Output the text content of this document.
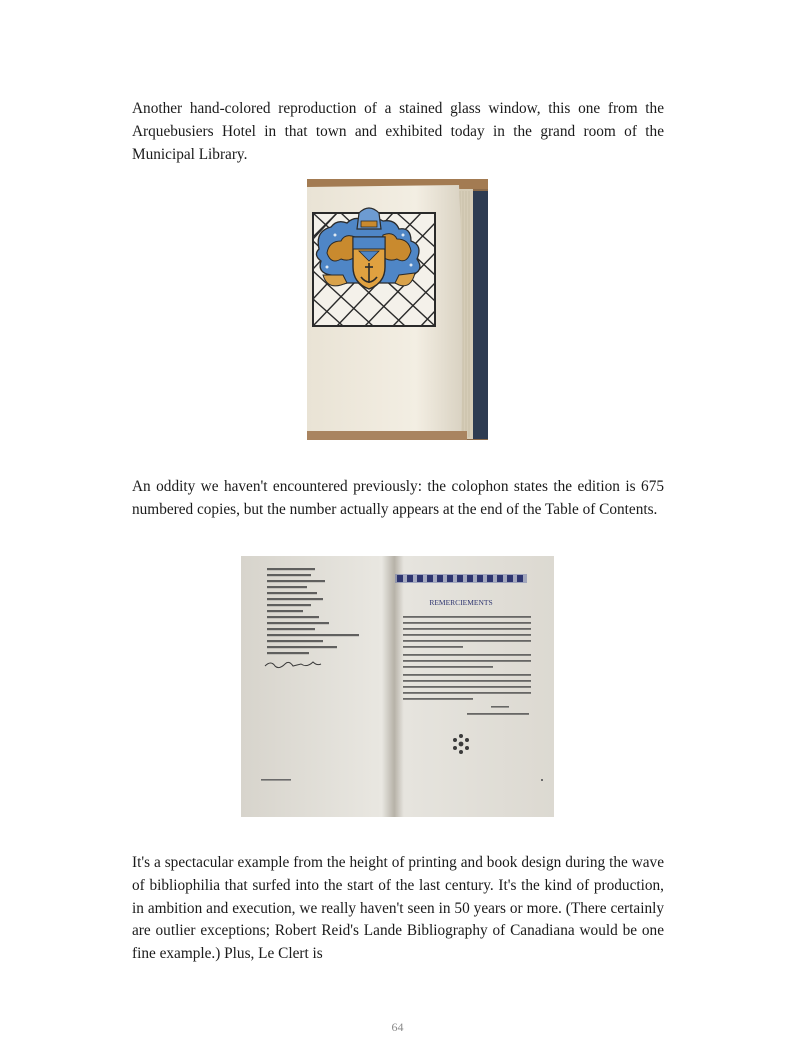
Another hand-colored reproduction of a stained glass window, this one from the Arquebusiers Hotel in that town and exhibited today in the grand room of the Municipal Library.

An oddity we haven't encountered previously: the colophon states the edition is 675 numbered copies, but the number actually appears at the end of the Table of Contents.

REMERCIEMENTS

It's a spectacular example from the height of printing and book design during the wave of bibliophilia that surfed into the start of the last century. It's the kind of production, in ambition and execution, we really haven't seen in 50 years or more. (There certainly are outlier exceptions; Robert Reid's Lande Bibliography of Canadiana would be one fine example.) Plus, Le Clert is

64
